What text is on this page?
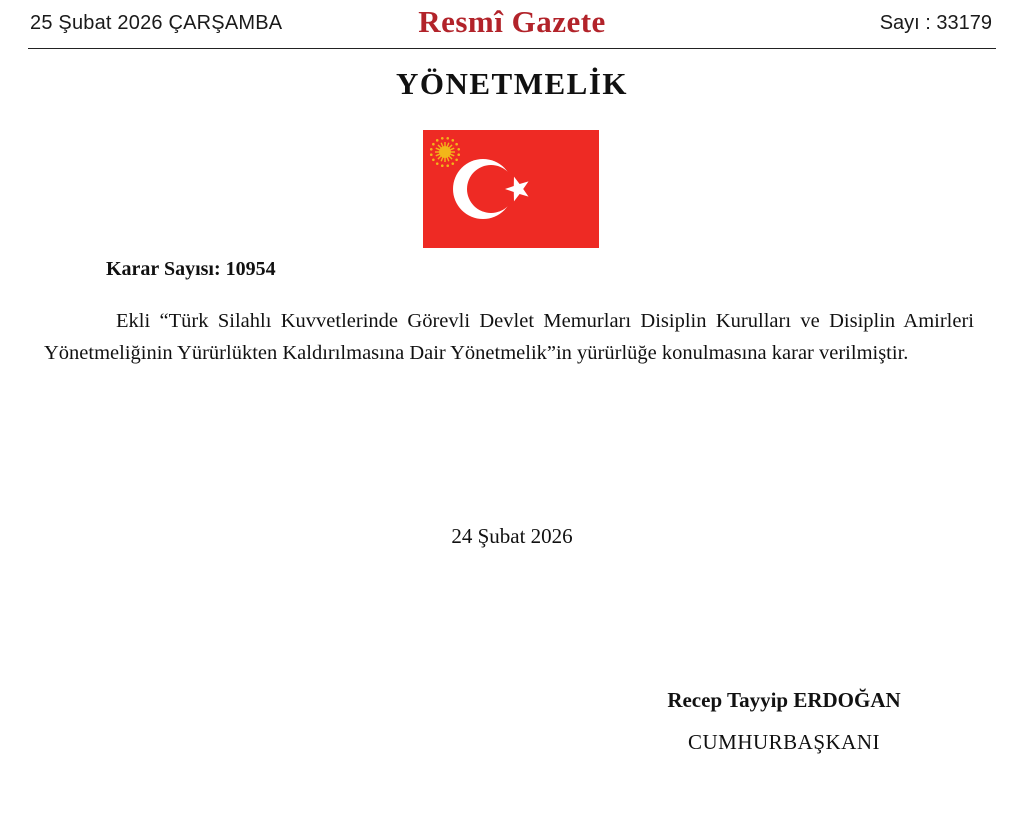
25 Şubat 2026 ÇARŞAMBA	Resmî Gazete	Sayı : 33179
YÖNETMELİK
Karar Sayısı: 10954

Ekli “Türk Silahlı Kuvvetlerinde Görevli Devlet Memurları Disiplin Kurulları ve Disiplin Amirleri Yönetmeliğinin Yürürlükten Kaldırılmasına Dair Yönetmelik”in yürürlüğe konulmasına karar verilmiştir.

24 Şubat 2026
Recep Tayyip ERDOĞAN
CUMHURBAŞKANI
